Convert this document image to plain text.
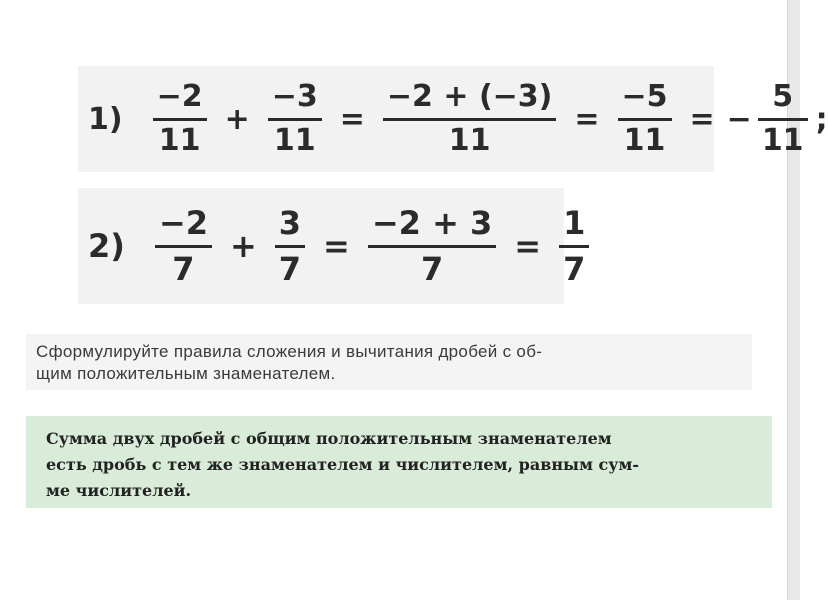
$1) \frac{-2}{11} + \frac{-3}{11} = \frac{-2 + (-3)}{11} = \frac{-5}{11}$ = − $\frac{5}{11}$ ;
$2) \frac{-2}{7} + \frac{3}{7} = \frac{-2 + 3}{7} = \frac{1}{7}$
Сформулируйте правила сложения и вычитания дробей с об-
щим положительным знаменателем.
Сумма двух дробей с общим положительным знаменателем
есть дробь с тем же знаменателем и числителем, равным сум-
ме числителей.
